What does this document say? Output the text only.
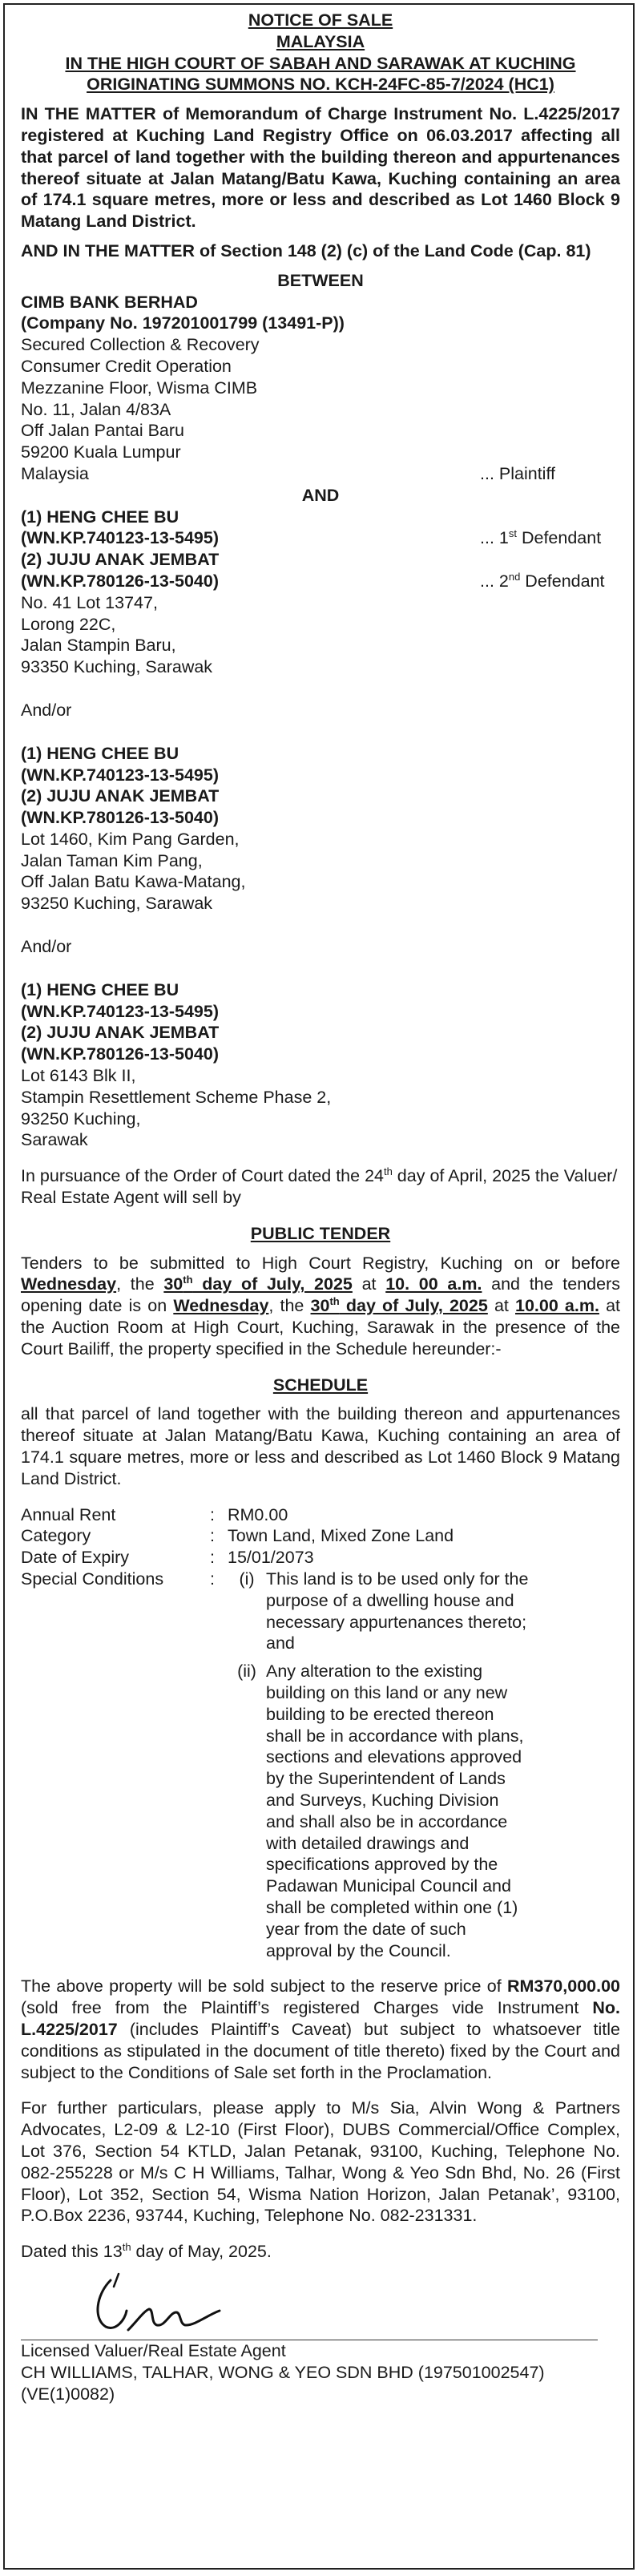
NOTICE OF SALE

MALAYSIA

IN THE HIGH COURT OF SABAH AND SARAWAK AT KUCHING

ORIGINATING SUMMONS NO. KCH-24FC-85-7/2024 (HC1)

IN THE MATTER of Memorandum of Charge Instrument No. L.4225/2017 registered at Kuching Land Registry Office on 06.03.2017 affecting all that parcel of land together with the building thereon and appurtenances thereof situate at Jalan Matang/Batu Kawa, Kuching containing an area of 174.1 square metres, more or less and described as Lot 1460 Block 9 Matang Land District.

AND IN THE MATTER of Section 148 (2) (c) of the Land Code (Cap. 81)

BETWEEN

CIMB BANK BERHAD

(Company No. 197201001799 (13491-P))

Secured Collection & Recovery

Consumer Credit Operation

Mezzanine Floor, Wisma CIMB

No. 11, Jalan 4/83A

Off Jalan Pantai Baru

59200 Kuala Lumpur

Malaysia	... Plaintiff

AND

(1) HENG CHEE BU

(WN.KP.740123-13-5495)	... 1st Defendant

(2) JUJU ANAK JEMBAT

(WN.KP.780126-13-5040)	... 2nd Defendant

No. 41 Lot 13747,

Lorong 22C,

Jalan Stampin Baru,

93350 Kuching, Sarawak

And/or

(1) HENG CHEE BU

(WN.KP.740123-13-5495)

(2) JUJU ANAK JEMBAT

(WN.KP.780126-13-5040)

Lot 1460, Kim Pang Garden,

Jalan Taman Kim Pang,

Off Jalan Batu Kawa-Matang,

93250 Kuching, Sarawak

And/or

(1) HENG CHEE BU

(WN.KP.740123-13-5495)

(2) JUJU ANAK JEMBAT

(WN.KP.780126-13-5040)

Lot 6143 Blk II,

Stampin Resettlement Scheme Phase 2,

93250 Kuching,

Sarawak

In pursuance of the Order of Court dated the 24th day of April, 2025 the Valuer/ Real Estate Agent will sell by

PUBLIC TENDER

Tenders to be submitted to High Court Registry, Kuching on or before Wednesday, the 30th day of July, 2025 at 10. 00 a.m. and the tenders opening date is on Wednesday, the 30th day of July, 2025 at 10.00 a.m. at the Auction Room at High Court, Kuching, Sarawak in the presence of the Court Bailiff, the property specified in the Schedule hereunder:-

SCHEDULE

all that parcel of land together with the building thereon and appurtenances thereof situate at Jalan Matang/Batu Kawa, Kuching containing an area of 174.1 square metres, more or less and described as Lot 1460 Block 9 Matang Land District.

Annual Rent	: RM0.00
Category	: Town Land, Mixed Zone Land
Date of Expiry	: 15/01/2073
Special Conditions	:	(i) This land is to be used only for the purpose of a dwelling house and necessary appurtenances thereto; and
(ii) Any alteration to the existing building on this land or any new building to be erected thereon shall be in accordance with plans, sections and elevations approved by the Superintendent of Lands and Surveys, Kuching Division and shall also be in accordance with detailed drawings and specifications approved by the Padawan Municipal Council and shall be completed within one (1) year from the date of such approval by the Council.

The above property will be sold subject to the reserve price of RM370,000.00 (sold free from the Plaintiff’s registered Charges vide Instrument No. L.4225/2017 (includes Plaintiff’s Caveat) but subject to whatsoever title conditions as stipulated in the document of title thereto) fixed by the Court and subject to the Conditions of Sale set forth in the Proclamation.

For further particulars, please apply to M/s Sia, Alvin Wong & Partners Advocates, L2-09 & L2-10 (First Floor), DUBS Commercial/Office Complex, Lot 376, Section 54 KTLD, Jalan Petanak, 93100, Kuching, Telephone No. 082-255228 or M/s C H Williams, Talhar, Wong & Yeo Sdn Bhd, No. 26 (First Floor), Lot 352, Section 54, Wisma Nation Horizon, Jalan Petanak’, 93100, P.O.Box 2236, 93744, Kuching, Telephone No. 082-231331.

Dated this 13th day of May, 2025.

Licensed Valuer/Real Estate Agent

CH WILLIAMS, TALHAR, WONG & YEO SDN BHD (197501002547) (VE(1)0082)
